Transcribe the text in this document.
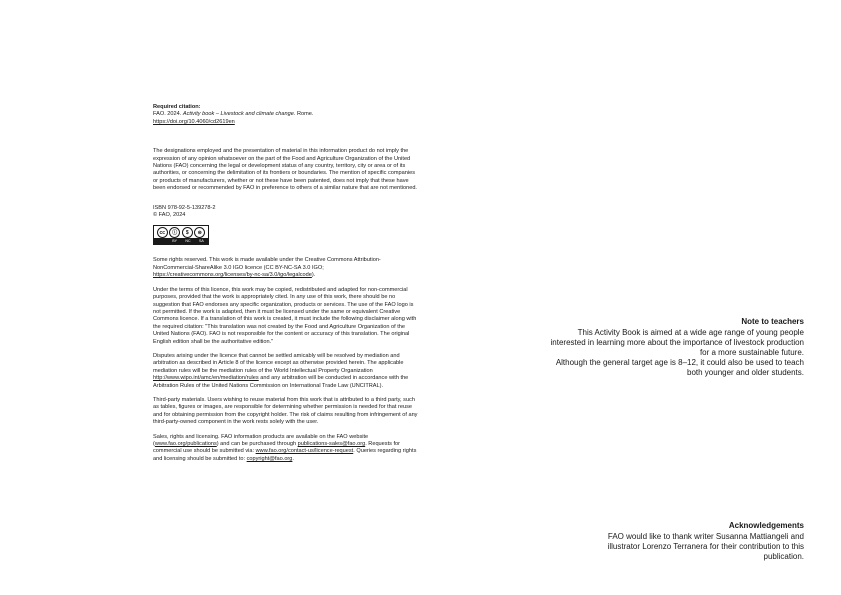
Required citation:

FAO. 2024. Activity book – Livestock and climate change. Rome.
https://doi.org/10.4060/cd2619en

The designations employed and the presentation of material in this information product do not imply the expression of any opinion whatsoever on the part of the Food and Agriculture Organization of the United Nations (FAO) concerning the legal or development status of any country, territory, city or area or of its authorities, or concerning the delimitation of its frontiers or boundaries. The mention of specific companies or products of manufacturers, whether or not these have been patented, does not imply that these have been endorsed or recommended by FAO in preference to others of a similar nature that are not mentioned.

ISBN 978-92-5-139278-2

© FAO, 2024

cc	ⓘ	$	⊜
BY NC SA

Some rights reserved. This work is made available under the Creative Commons Attribution-NonCommercial-ShareAlike 3.0 IGO licence (CC BY-NC-SA 3.0 IGO; https://creativecommons.org/licenses/by-nc-sa/3.0/igo/legalcode).

Under the terms of this licence, this work may be copied, redistributed and adapted for non-commercial purposes, provided that the work is appropriately cited. In any use of this work, there should be no suggestion that FAO endorses any specific organization, products or services. The use of the FAO logo is not permitted. If the work is adapted, then it must be licensed under the same or equivalent Creative Commons licence. If a translation of this work is created, it must include the following disclaimer along with the required citation: "This translation was not created by the Food and Agriculture Organization of the United Nations (FAO). FAO is not responsible for the content or accuracy of this translation. The original English edition shall be the authoritative edition."

Disputes arising under the licence that cannot be settled amicably will be resolved by mediation and arbitration as described in Article 8 of the licence except as otherwise provided herein. The applicable mediation rules will be the mediation rules of the World Intellectual Property Organization http://www.wipo.int/amc/en/mediation/rules and any arbitration will be conducted in accordance with the Arbitration Rules of the United Nations Commission on International Trade Law (UNCITRAL).

Third-party materials. Users wishing to reuse material from this work that is attributed to a third party, such as tables, figures or images, are responsible for determining whether permission is needed for that reuse and for obtaining permission from the copyright holder. The risk of claims resulting from infringement of any third-party-owned component in the work rests solely with the user.

Sales, rights and licensing. FAO information products are available on the FAO website (www.fao.org/publications) and can be purchased through publications-sales@fao.org. Requests for commercial use should be submitted via: www.fao.org/contact-us/licence-request. Queries regarding rights and licensing should be submitted to: copyright@fao.org.

Note to teachers

This Activity Book is aimed at a wide age range of young people interested in learning more about the importance of livestock production for a more sustainable future.

Although the general target age is 8–12, it could also be used to teach both younger and older students.

Acknowledgements

FAO would like to thank writer Susanna Mattiangeli and illustrator Lorenzo Terranera for their contribution to this publication.
